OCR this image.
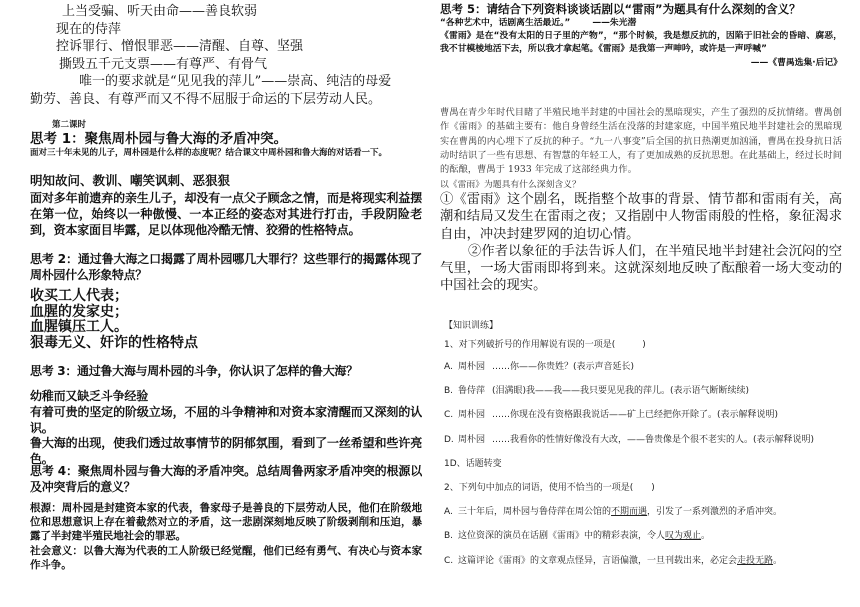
上当受骗、听天由命——善良软弱
现在的侍萍
控诉罪行、憎恨罪恶——清醒、自尊、坚强
撕毁五千元支票——有尊严、有骨气
唯一的要求就是“见见我的萍儿”——崇高、纯洁的母爱
勤劳、善良、有尊严而又不得不屈服于命运的下层劳动人民。
第二课时
思考 1：聚焦周朴园与鲁大海的矛盾冲突。
面对三十年未见的儿子，周朴园是什么样的态度呢？结合课文中周朴园和鲁大海的对话看一下。
明知故问、教训、嘲笑讽刺、恶狠狠
面对多年前遗弃的亲生儿子，却没有一点父子顾念之情，而是将现实利益摆在第一位，始终以一种傲慢、一本正经的姿态对其进行打击，手段阴险老到，资本家面目毕露，足以体现他冷酷无情、狡猾的性格特点。
思考 2：通过鲁大海之口揭露了周朴园哪几大罪行？这些罪行的揭露体现了周朴园什么形象特点？
收买工人代表；
血腥的发家史；
血腥镇压工人。
狠毒无义、奸诈的性格特点
思考 3：通过鲁大海与周朴园的斗争，你认识了怎样的鲁大海？
幼稚而又缺乏斗争经验
有着可贵的坚定的阶级立场，不屈的斗争精神和对资本家清醒而又深刻的认识。
鲁大海的出现，使我们透过故事情节的阴郁氛围，看到了一丝希望和些许亮色。
思考 4：聚焦周朴园与鲁大海的矛盾冲突。总结周鲁两家矛盾冲突的根源以及冲突背后的意义？
根源：周朴园是封建资本家的代表，鲁家母子是善良的下层劳动人民，他们在阶级地位和思想意识上存在着截然对立的矛盾，这一悲剧深刻地反映了阶级剥削和压迫，暴露了半封建半殖民地社会的罪恶。
社会意义：以鲁大海为代表的工人阶级已经觉醒，他们已经有勇气、有决心与资本家作斗争。
思考 5：请结合下列资料谈谈话剧以“雷雨”为题具有什么深刻的含义？
“各种艺术中，话剧离生活最近。”	——朱光潜
《雷雨》是在“没有太阳的日子里的产物”，“那个时候，我是想反抗的，因陷于旧社会的昏暗、腐恶，我不甘模棱地活下去，所以我才拿起笔。《雷雨》是我第一声呻吟，或许是一声呼喊”
——《曹禺选集·后记》
曹禺在青少年时代目睹了半殖民地半封建的中国社会的黑暗现实，产生了强烈的反抗情绪。曹禺创作《雷雨》的基础主要有：他自身曾经生活在没落的封建家庭，中国半殖民地半封建社会的黑暗现实在曹禺的内心埋下了反抗的种子。“九一八事变”后全国的抗日热潮更加汹涌，曹禺在投身抗日活动时结识了一些有思想、有智慧的年轻工人，有了更加成熟的反抗思想。在此基础上，经过长时间的酝酿，曹禺于 1933 年完成了这部经典力作。
以《雷雨》为题具有什么深刻含义？
①《雷雨》这个剧名，既指整个故事的背景、情节都和雷雨有关，高潮和结局又发生在雷雨之夜；又指剧中人物雷雨般的性格，象征渴求自由，冲决封建罗网的迫切心情。
②作者以象征的手法告诉人们，在半殖民地半封建社会沉闷的空气里，一场大雷雨即将到来。这就深刻地反映了酝酿着一场大变动的中国社会的现实。
【知识训练】
1、对下列破折号的作用解说有误的一项是(　　　)
A. 周朴园 ……你——你贵姓？(表示声音延长)
B. 鲁侍萍 (泪满眼)我——我——我只要见见我的萍儿。(表示语气断断续续)
C. 周朴园 ……你现在没有资格跟我说话——矿上已经把你开除了。(表示解释说明)
D. 周朴园 ……我看你的性情好像没有大改，——鲁贵像是个很不老实的人。(表示解释说明)
1D、话题转变
2、下列句中加点的词语，使用不恰当的一项是(　　)
A. 三十年后，周朴园与鲁侍萍在周公馆的不期而遇，引发了一系列激烈的矛盾冲突。
B. 这位资深的演员在话剧《雷雨》中的精彩表演，令人叹为观止。
C. 这篇评论《雷雨》的文章观点怪异，言语偏激，一旦刊载出来，必定会走投无路。
